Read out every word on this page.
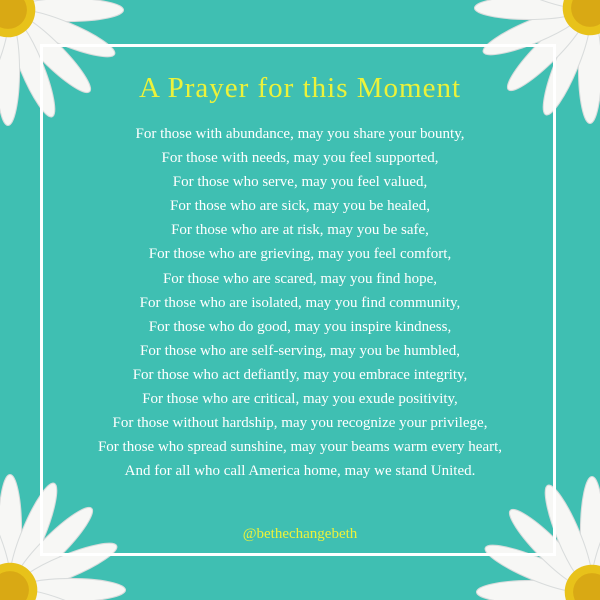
A Prayer for this Moment
For those with abundance, may you share your bounty,
For those with needs, may you feel supported,
For those who serve, may you feel valued,
For those who are sick, may you be healed,
For those who are at risk, may you be safe,
For those who are grieving, may you feel comfort,
For those who are scared, may you find hope,
For those who are isolated, may you find community,
For those who do good, may you inspire kindness,
For those who are self-serving, may you be humbled,
For those who act defiantly, may you embrace integrity,
For those who are critical, may you exude positivity,
For those without hardship, may you recognize your privilege,
For those who spread sunshine, may your beams warm every heart,
And for all who call America home, may we stand United.
@bethechangebeth
